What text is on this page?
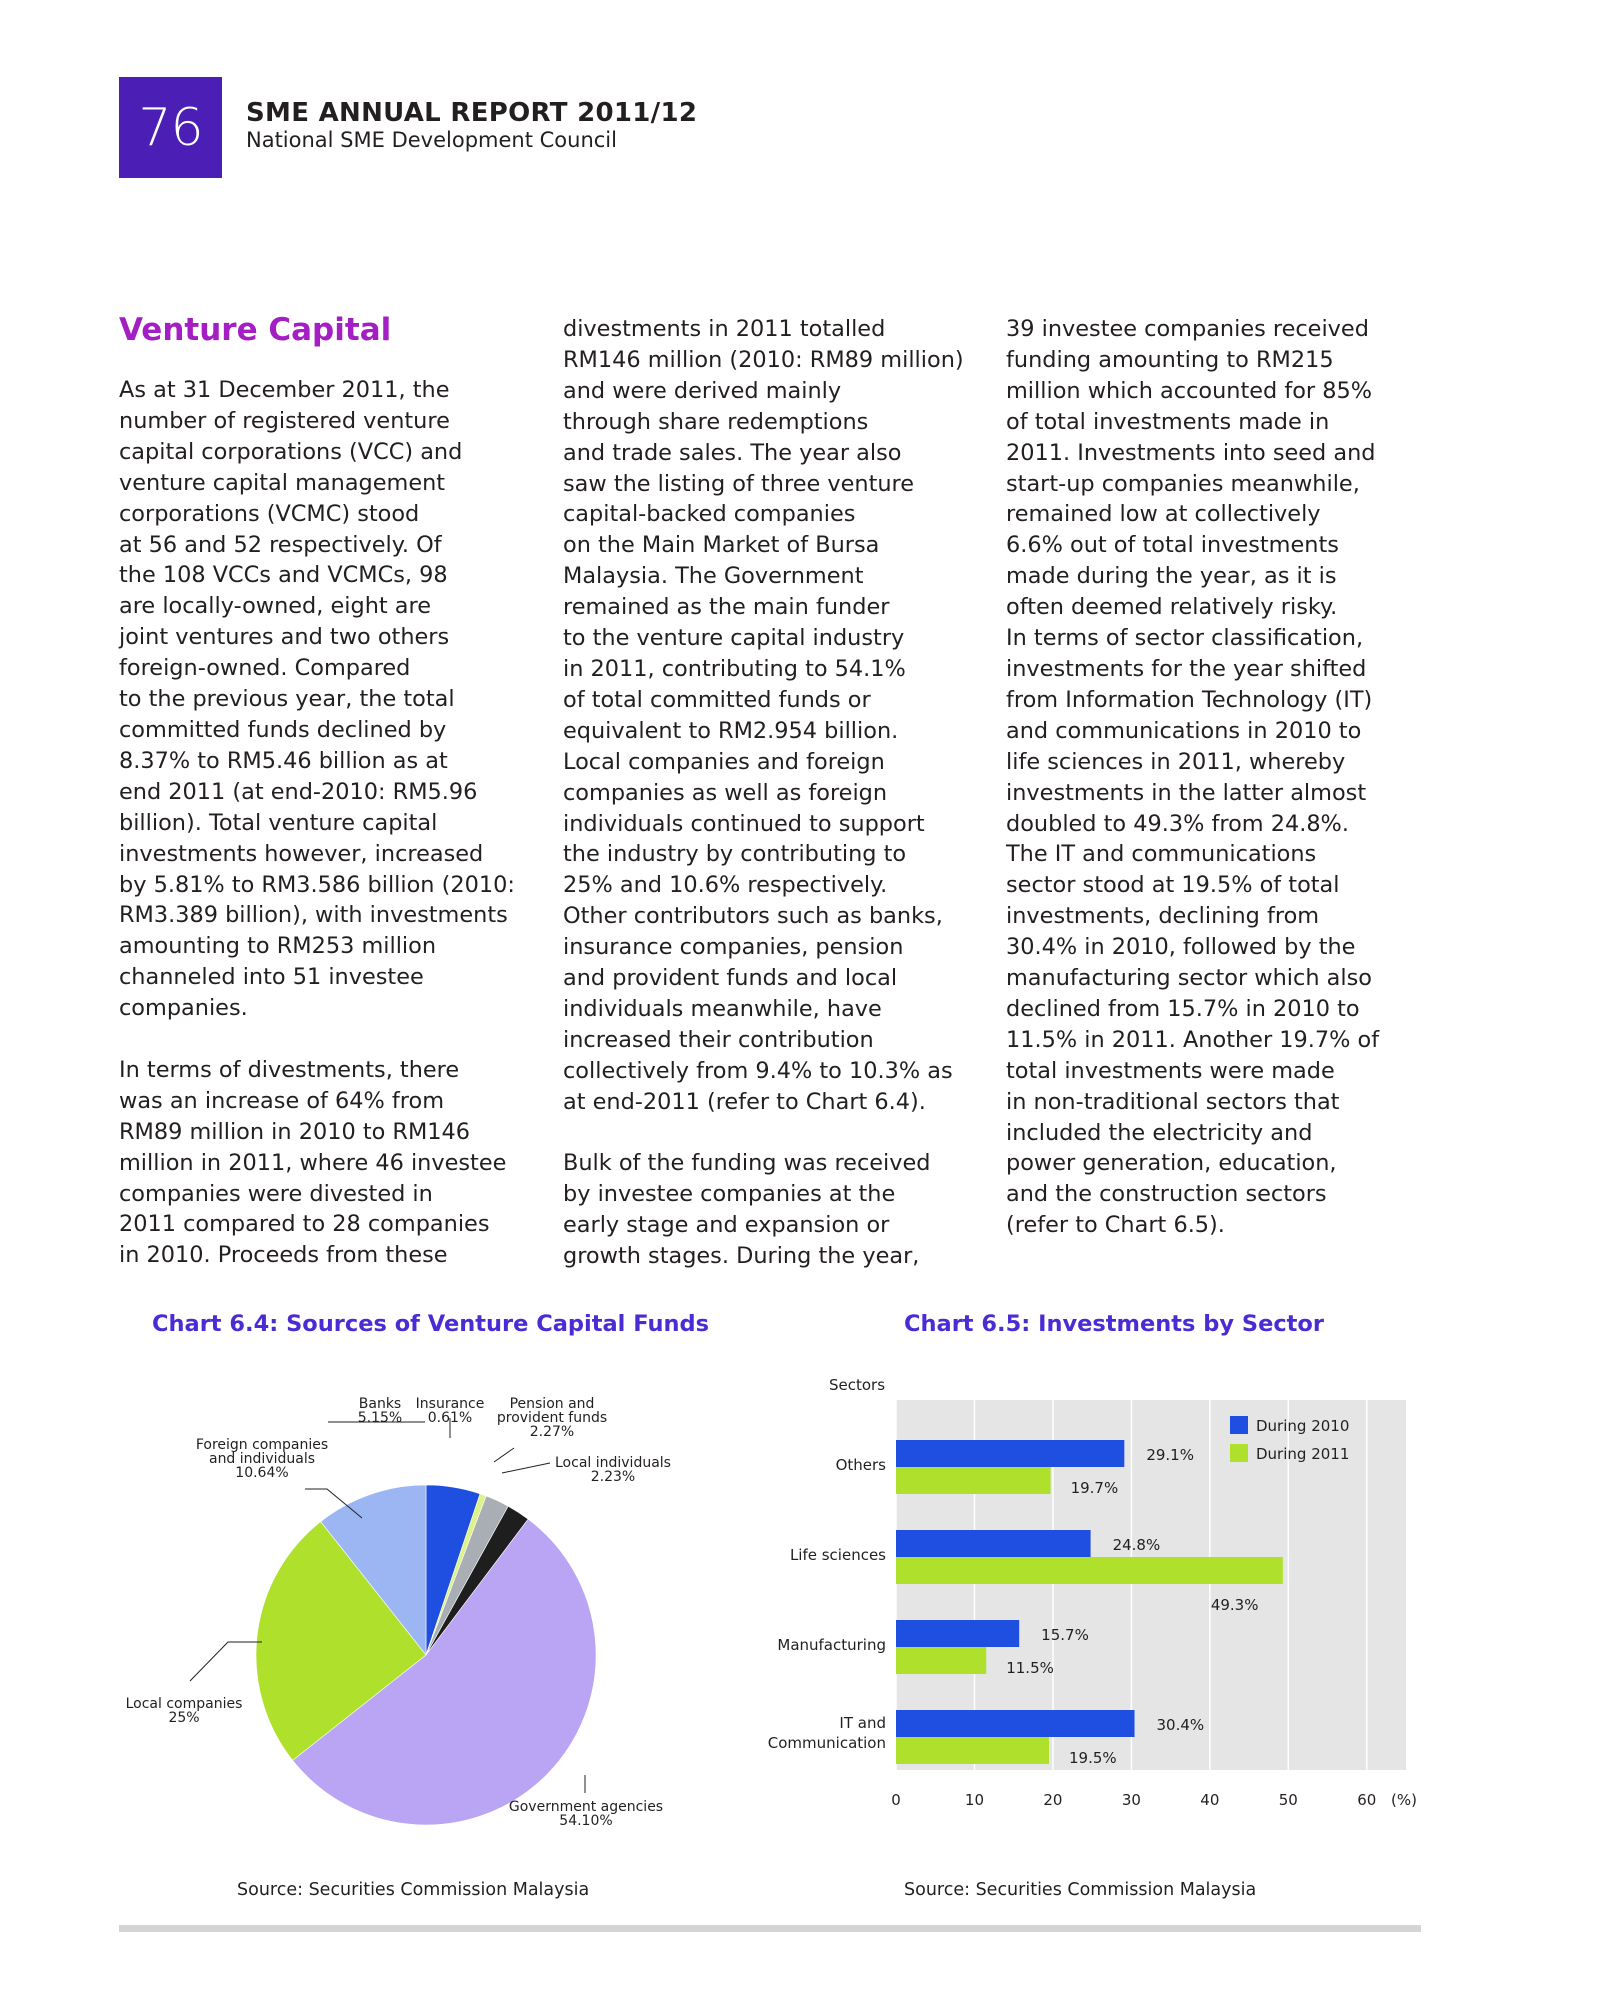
76 SME ANNUAL REPORT 2011/12
National SME Development Council
Venture Capital

As at 31 December 2011, the
number of registered venture
capital corporations (VCC) and
venture capital management
corporations (VCMC) stood
at 56 and 52 respectively. Of
the 108 VCCs and VCMCs, 98
are locally-owned, eight are
joint ventures and two others
foreign-owned. Compared
to the previous year, the total
committed funds declined by
8.37% to RM5.46 billion as at
end 2011 (at end-2010: RM5.96
billion). Total venture capital
investments however, increased
by 5.81% to RM3.586 billion (2010:
RM3.389 billion), with investments
amounting to RM253 million
channeled into 51 investee
companies.

In terms of divestments, there
was an increase of 64% from
RM89 million in 2010 to RM146
million in 2011, where 46 investee
companies were divested in
2011 compared to 28 companies
in 2010. Proceeds from these

divestments in 2011 totalled
RM146 million (2010: RM89 million)
and were derived mainly
through share redemptions
and trade sales. The year also
saw the listing of three venture
capital-backed companies
on the Main Market of Bursa
Malaysia. The Government
remained as the main funder
to the venture capital industry
in 2011, contributing to 54.1%
of total committed funds or
equivalent to RM2.954 billion.
Local companies and foreign
companies as well as foreign
individuals continued to support
the industry by contributing to
25% and 10.6% respectively.
Other contributors such as banks,
insurance companies, pension
and provident funds and local
individuals meanwhile, have
increased their contribution
collectively from 9.4% to 10.3% as
at end-2011 (refer to Chart 6.4).

Bulk of the funding was received
by investee companies at the
early stage and expansion or
growth stages. During the year,

39 investee companies received
funding amounting to RM215
million which accounted for 85%
of total investments made in
2011. Investments into seed and
start-up companies meanwhile,
remained low at collectively
6.6% out of total investments
made during the year, as it is
often deemed relatively risky.
In terms of sector classification,
investments for the year shifted
from Information Technology (IT)
and communications in 2010 to
life sciences in 2011, whereby
investments in the latter almost
doubled to 49.3% from 24.8%.
The IT and communications
sector stood at 19.5% of total
investments, declining from
30.4% in 2010, followed by the
manufacturing sector which also
declined from 15.7% in 2010 to
11.5% in 2011. Another 19.7% of
total investments were made
in non-traditional sectors that
included the electricity and
power generation, education,
and the construction sectors
(refer to Chart 6.5).

Chart 6.4: Sources of Venture Capital Funds
Banks 5.15%
Insurance 0.61%
Pension and provident funds 2.27%
Local individuals 2.23%
Government agencies 54.10%
Local companies 25%
Foreign companies and individuals 10.64%
Source: Securities Commission Malaysia
Chart 6.5: Investments by Sector
0	10	20	30	40	50	60 (%)
Sectors
Others
29.1%
19.7%
Life sciences
24.8%
49.3%
Manufacturing
15.7%
11.5%
IT and Communication
30.4%
19.5%
During 2010
During 2011
Source: Securities Commission Malaysia
